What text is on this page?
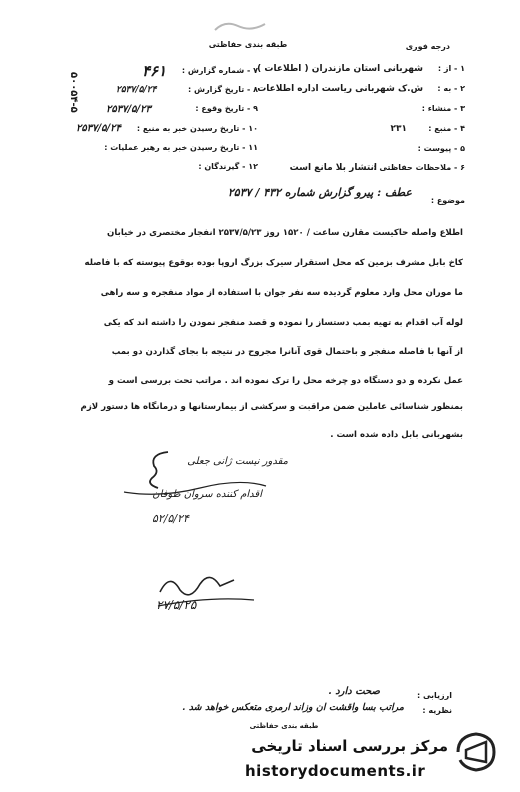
طبقه بندی حفاظتی	درجه فوری
۵۰۰۵۴-۵
۱ - از :
شهربانی استان مازندران ( اطلاعات )
۲ - به :
ش.ک شهربانی ریاست اداره اطلاعات
۳ - منشاء :
۴ - منبع :
۲۳۱
۵ - پیوست :
۶ - ملاحظات حفاظتی :
انتشار بلا مانع است
۷ - شماره گزارش :
۴۶۱
۸ - تاریخ گزارش :
۲۵۳۷/۵/۲۴
۹ - تاریخ وقوع :
۲۵۳۷/۵/۲۳
۱۰ - تاریخ رسیدن خبر به منبع :
۲۵۳۷/۵/۲۴
۱۱ - تاریخ رسیدن خبر به رهبر عملیات :
۱۲ - گیرندگان :
موضوع :
عطف : پیرو گزارش شماره ۴۳۲ / ۲۵۳۷
اطلاع واصله حاکیست مقارن ساعت / ۱۵۲۰ روز ۲۵۳۷/۵/۲۳ انفجار مختصری در خیابان
کاخ بابل مشرف بزمین که محل استقرار سیرک بزرگ اروپا بوده بوقوع پیوسته که با فاصله
ما موران محل وارد معلوم گردیده سه نفر جوان با استفاده از مواد منفجره و سه راهی
لوله آب اقدام به تهیه بمب دستساز را نموده و قصد منفجر نمودن را داشته اند که یکی
از آنها با فاصله منفجر و باحتمال قوی آنانرا مجروح در نتیجه با بجای گذاردن دو بمب
عمل نکرده و دو دستگاه دو چرخه محل را ترک نموده اند . مراتب تحت بررسی است و
بمنظور شناسائی عاملین ضمن مراقبت و سرکشی از بیمارستانها و درمانگاه ها دستور لازم
بشهربانی بابل داده شده است .
مقدور نیست ژانی جعلی
اقدام کننده سروان طوفان
۵۲/۵/۲۴
۲۷/۵/۲۵
ارزیابی :
صحت دارد .
نظریه :
مراتب بسا واقشت ان وزاند ارمری متعکس خواهد شد .
طبقه بندی حفاظتی
مرکز بررسی اسناد تاریخی
historydocuments.ir
